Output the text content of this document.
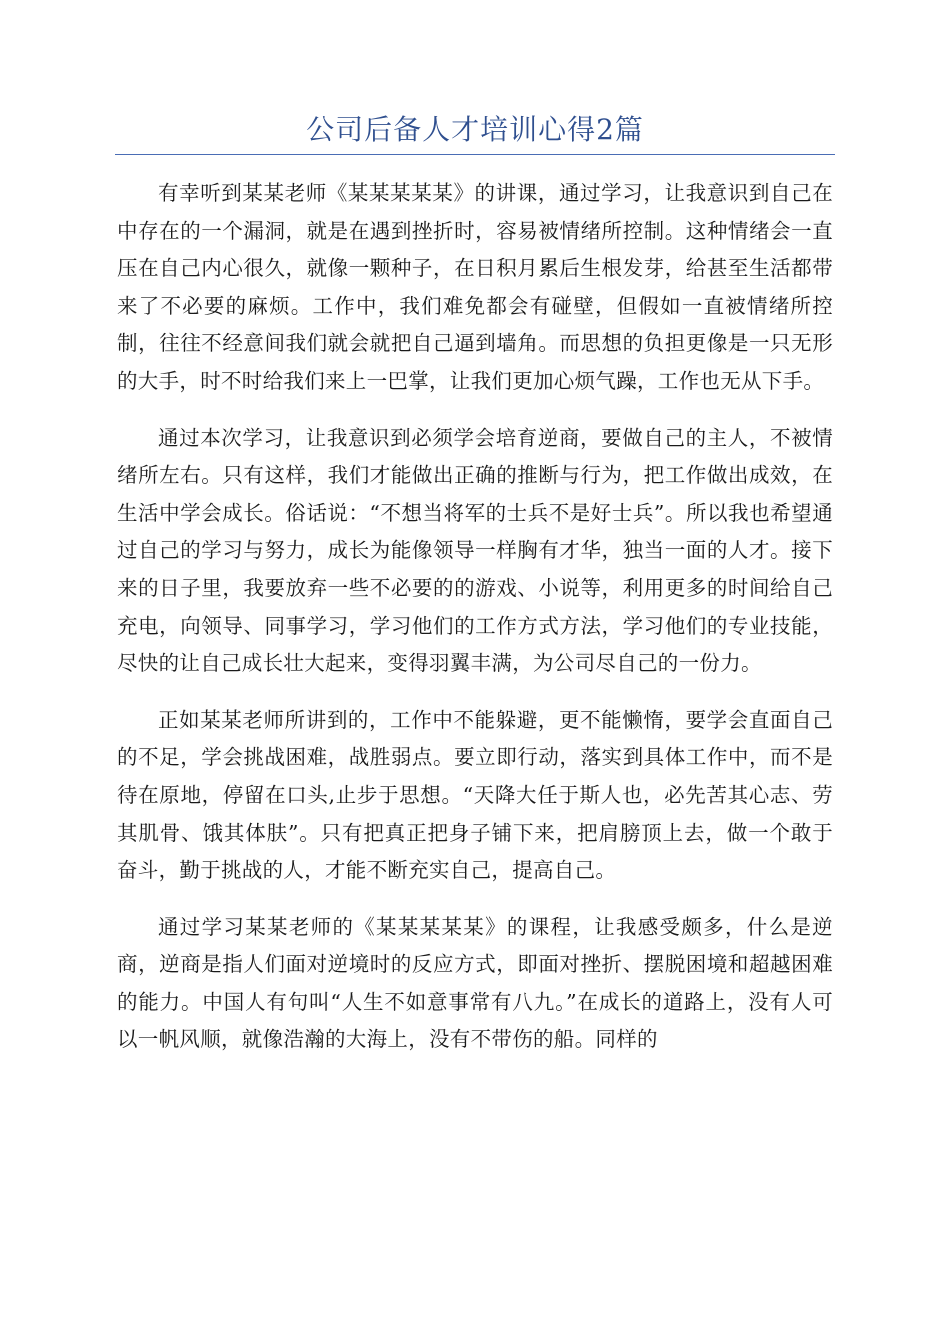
公司后备人才培训心得2篇

有幸听到某某老师《某某某某某》的讲课，通过学习，让我意识到自己在中存在的一个漏洞，就是在遇到挫折时，容易被情绪所控制。这种情绪会一直压在自己内心很久，就像一颗种子，在日积月累后生根发芽，给甚至生活都带来了不必要的麻烦。工作中，我们难免都会有碰壁，但假如一直被情绪所控制，往往不经意间我们就会就把自己逼到墙角。而思想的负担更像是一只无形的大手，时不时给我们来上一巴掌，让我们更加心烦气躁，工作也无从下手。

通过本次学习，让我意识到必须学会培育逆商，要做自己的主人，不被情绪所左右。只有这样，我们才能做出正确的推断与行为，把工作做出成效，在生活中学会成长。俗话说：“不想当将军的士兵不是好士兵”。所以我也希望通过自己的学习与努力，成长为能像领导一样胸有才华，独当一面的人才。接下来的日子里，我要放弃一些不必要的的游戏、小说等，利用更多的时间给自己充电，向领导、同事学习，学习他们的工作方式方法，学习他们的专业技能，尽快的让自己成长壮大起来，变得羽翼丰满，为公司尽自己的一份力。

正如某某老师所讲到的，工作中不能躲避，更不能懒惰，要学会直面自己的不足，学会挑战困难，战胜弱点。要立即行动，落实到具体工作中，而不是待在原地，停留在口头,止步于思想。“天降大任于斯人也，必先苦其心志、劳其肌骨、饿其体肤”。只有把真正把身子铺下来，把肩膀顶上去，做一个敢于奋斗，勤于挑战的人，才能不断充实自己，提高自己。

通过学习某某老师的《某某某某某》的课程，让我感受颇多，什么是逆商，逆商是指人们面对逆境时的反应方式，即面对挫折、摆脱困境和超越困难的能力。中国人有句叫“人生不如意事常有八九。”在成长的道路上，没有人可以一帆风顺，就像浩瀚的大海上，没有不带伤的船。同样的
